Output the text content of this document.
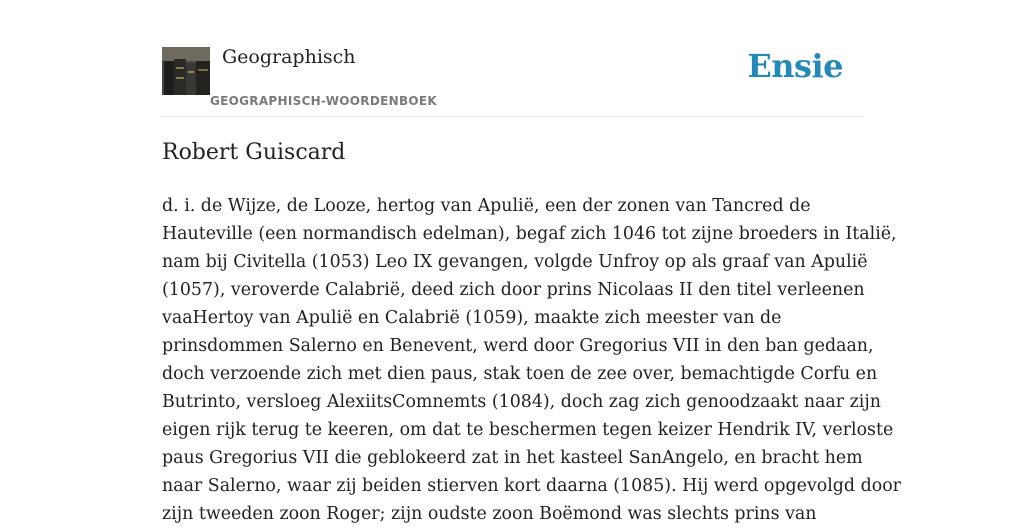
Geographisch
GEOGRAPHISCH-WOORDENBOEK
Ensie
Robert Guiscard

d. i. de Wijze, de Looze, hertog van Apulië, een der zonen van Tancred de
Hauteville (een normandisch edelman), begaf zich 1046 tot zijne broeders in Italië,
nam bij Civitella (1053) Leo IX gevangen, volgde Unfroy op als graaf van Apulië
(1057), veroverde Calabrië, deed zich door prins Nicolaas II den titel verleenen
vaaHertoy van Apulië en Calabrië (1059), maakte zich meester van de
prinsdommen Salerno en Benevent, werd door Gregorius VII in den ban gedaan,
doch verzoende zich met dien paus, stak toen de zee over, bemachtigde Corfu en
Butrinto, versloeg AlexiitsComnemts (1084), doch zag zich genoodzaakt naar zijn
eigen rijk terug te keeren, om dat te beschermen tegen keizer Hendrik IV, verloste
paus Gregorius VII die geblokeerd zat in het kasteel SanAngelo, en bracht hem
naar Salerno, waar zij beiden stierven kort daarna (1085). Hij werd opgevolgd door
zijn tweeden zoon Roger; zijn oudste zoon Boëmond was slechts prins van
